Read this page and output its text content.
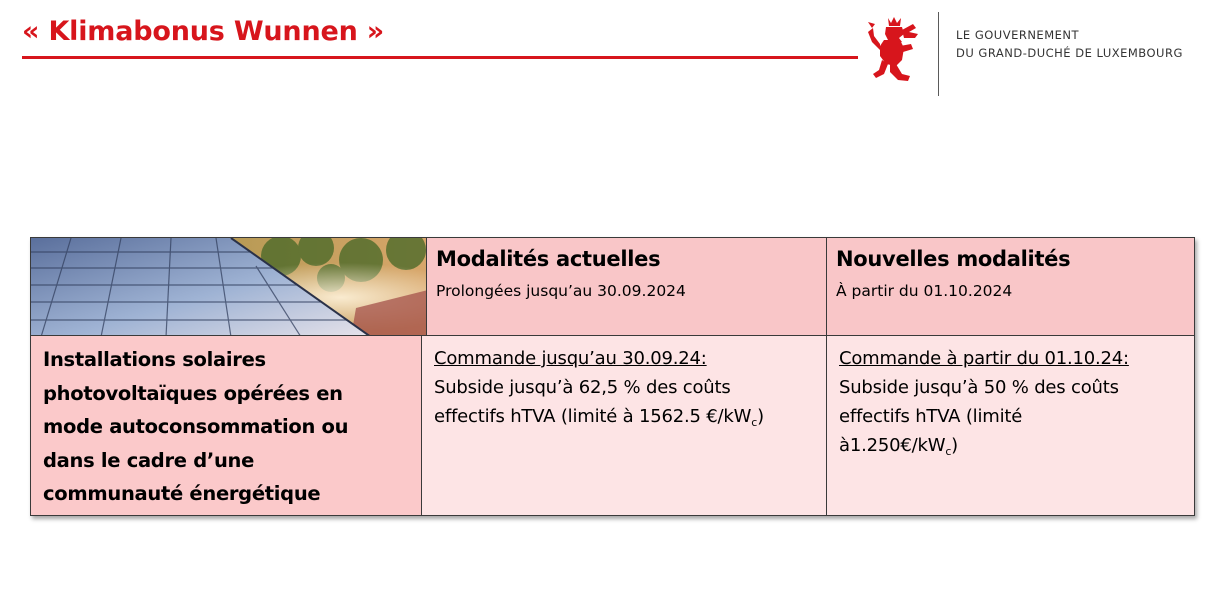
« Klimabonus Wunnen »	LE GOUVERNEMENT
DU GRAND-DUCHÉ DE LUXEMBOURG
Modalités actuelles
Prolongées jusqu’au 30.09.2024
Nouvelles modalités
À partir du 01.10.2024
Installations solaires
photovoltaïques opérées en
mode autoconsommation ou
dans le cadre d’une
communauté énergétique
Commande jusqu’au 30.09.24:
Subside jusqu’à 62,5 % des coûts
effectifs hTVA (limité à 1562.5 $€/kW_c$)
Commande à partir du 01.10.24:
Subside jusqu’à 50 % des coûts
effectifs hTVA (limité
$à1.250€/kW_c$)
